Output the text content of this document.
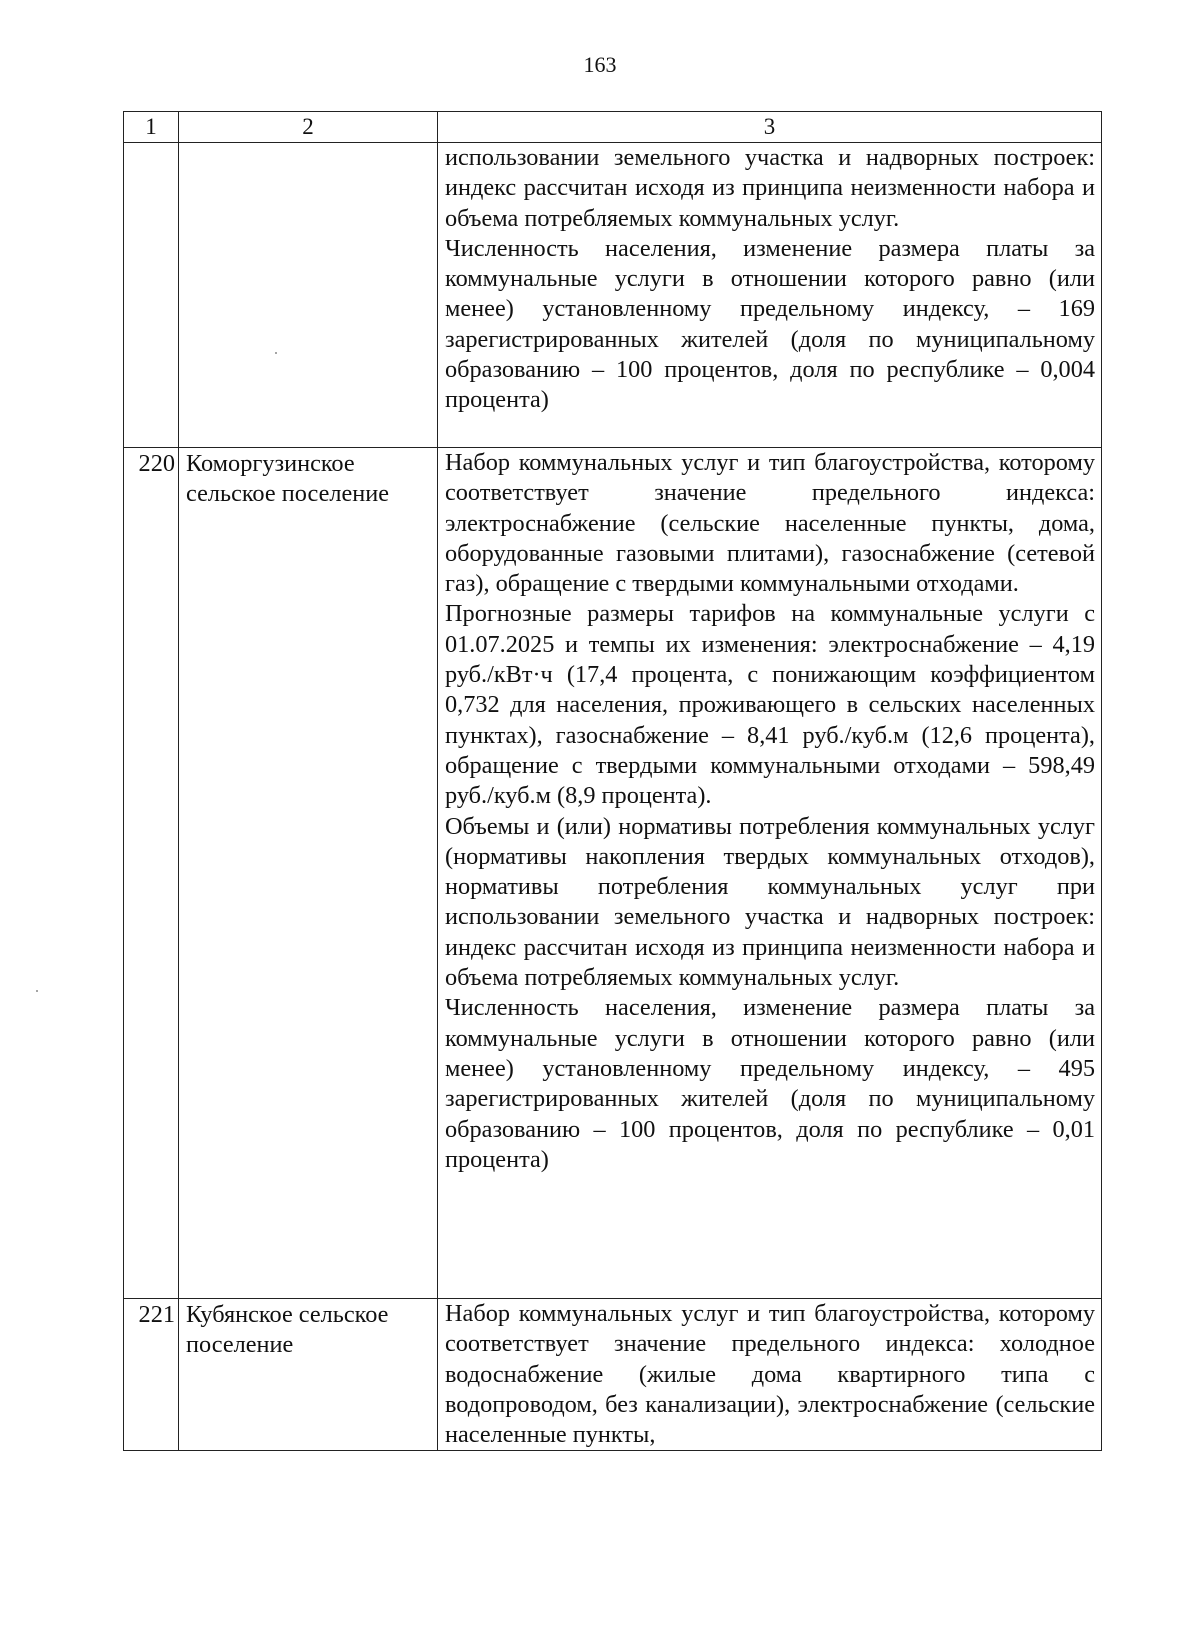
163
1	2	3

		использовании земельного участка и надворных построек: индекс рассчитан исходя из принципа неизменности набора и объема потребляемых коммунальных услуг.

Численность населения, изменение размера платы за коммунальные услуги в отношении которого равно (или менее) установленному предельному индексу, – 169 зарегистрированных жителей (доля по муниципальному образованию – 100 процентов, доля по республике – 0,004 процента)

220	Коморгузинское сельское поселение	Набор коммунальных услуг и тип благоустройства, которому соответствует значение предельного индекса: электроснабжение (сельские населенные пункты, дома, оборудованные газовыми плитами), газоснабжение (сетевой газ), обращение с твердыми коммунальными отходами.

Прогнозные размеры тарифов на коммунальные услуги с 01.07.2025 и темпы их изменения: электроснабжение – 4,19 руб./кВт·ч (17,4 процента, с понижающим коэффициентом 0,732 для населения, проживающего в сельских населенных пунктах), газоснабжение – 8,41 руб./куб.м (12,6 процента), обращение с твердыми коммунальными отходами – 598,49 руб./куб.м (8,9 процента).

Объемы и (или) нормативы потребления коммунальных услуг (нормативы накопления твердых коммунальных отходов), нормативы потребления коммунальных услуг при использовании земельного участка и надворных построек: индекс рассчитан исходя из принципа неизменности набора и объема потребляемых коммунальных услуг.

Численность населения, изменение размера платы за коммунальные услуги в отношении которого равно (или менее) установленному предельному индексу, – 495 зарегистрированных жителей (доля по муниципальному образованию – 100 процентов, доля по республике – 0,01 процента)

221	Кубянское сельское поселение	Набор коммунальных услуг и тип благоустройства, которому соответствует значение предельного индекса: холодное водоснабжение (жилые дома квартирного типа с водопроводом, без канализации), электроснабжение (сельские населенные пункты,
